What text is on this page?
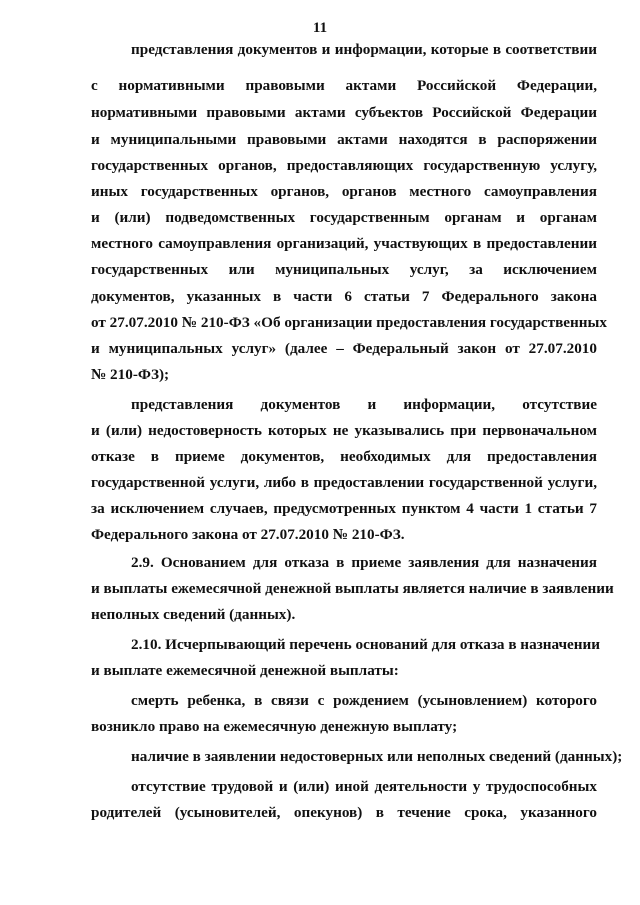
11
представления документов и информации, которые в соответствии
с нормативными правовыми актами Российской Федерации,
нормативными правовыми актами субъектов Российской Федерации
и муниципальными правовыми актами находятся в распоряжении
государственных органов, предоставляющих государственную услугу,
иных государственных органов, органов местного самоуправления
и (или) подведомственных государственным органам и органам
местного самоуправления организаций, участвующих в предоставлении
государственных или муниципальных услуг, за исключением
документов, указанных в части 6 статьи 7 Федерального закона
от 27.07.2010 № 210-ФЗ «Об организации предоставления государственных
и муниципальных услуг» (далее – Федеральный закон от 27.07.2010
№ 210-ФЗ);
представления документов и информации, отсутствие
и (или) недостоверность которых не указывались при первоначальном
отказе в приеме документов, необходимых для предоставления
государственной услуги, либо в предоставлении государственной услуги,
за исключением случаев, предусмотренных пунктом 4 части 1 статьи 7
Федерального закона от 27.07.2010 № 210-ФЗ.
2.9. Основанием для отказа в приеме заявления для назначения
и выплаты ежемесячной денежной выплаты является наличие в заявлении
неполных сведений (данных).
2.10. Исчерпывающий перечень оснований для отказа в назначении
и выплате ежемесячной денежной выплаты:
смерть ребенка, в связи с рождением (усыновлением) которого
возникло право на ежемесячную денежную выплату;
наличие в заявлении недостоверных или неполных сведений (данных);
отсутствие трудовой и (или) иной деятельности у трудоспособных
родителей (усыновителей, опекунов) в течение срока, указанного
